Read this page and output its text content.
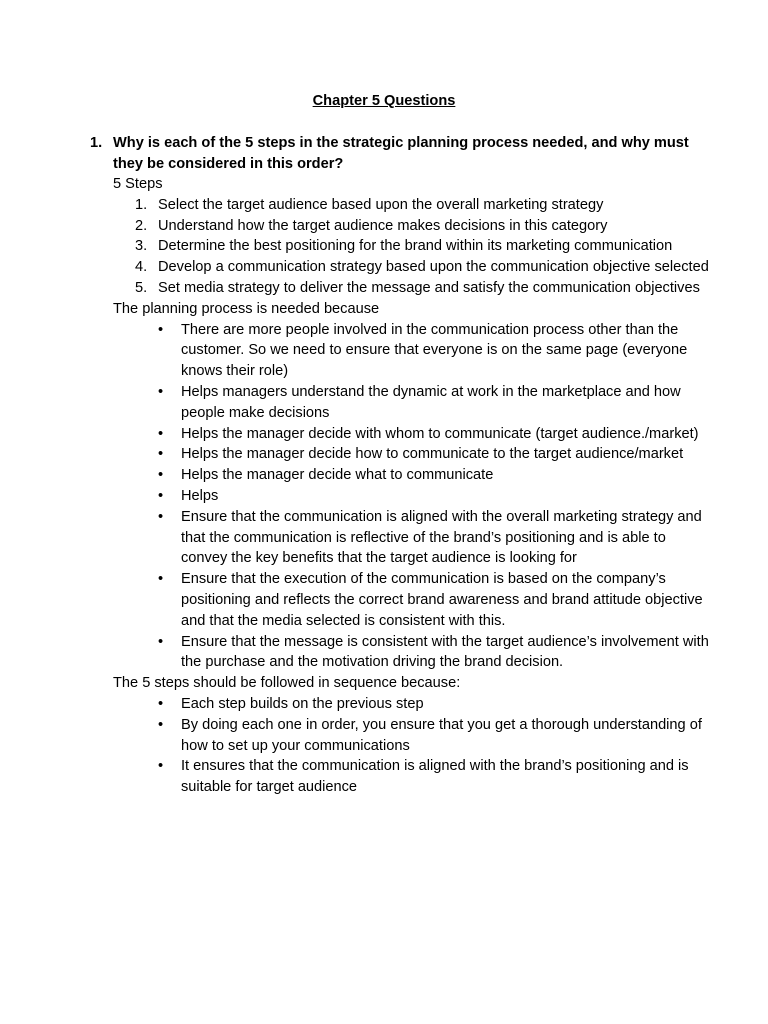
Chapter 5 Questions
1. Why is each of the 5 steps in the strategic planning process needed, and why must they be considered in this order?
5 Steps
1. Select the target audience based upon the overall marketing strategy
2. Understand how the target audience makes decisions in this category
3. Determine the best positioning for the brand within its marketing communication
4. Develop a communication strategy based upon the communication objective selected
5. Set media strategy to deliver the message and satisfy the communication objectives
The planning process is needed because
• There are more people involved in the communication process other than the customer. So we need to ensure that everyone is on the same page (everyone knows their role)
• Helps managers understand the dynamic at work in the marketplace and how people make decisions
• Helps the manager decide with whom to communicate (target audience./market)
• Helps the manager decide how to communicate to the target audience/market
• Helps the manager decide what to communicate
• Helps
• Ensure that the communication is aligned with the overall marketing strategy and that the communication is reflective of the brand’s positioning and is able to convey the key benefits that the target audience is looking for
• Ensure that the execution of the communication is based on the company’s positioning and reflects the correct brand awareness and brand attitude objective and that the media selected is consistent with this.
• Ensure that the message is consistent with the target audience’s involvement with the purchase and the motivation driving the brand decision.
The 5 steps should be followed in sequence because:
• Each step builds on the previous step
• By doing each one in order, you ensure that you get a thorough understanding of how to set up your communications
• It ensures that the communication is aligned with the brand’s positioning and is suitable for target audience
